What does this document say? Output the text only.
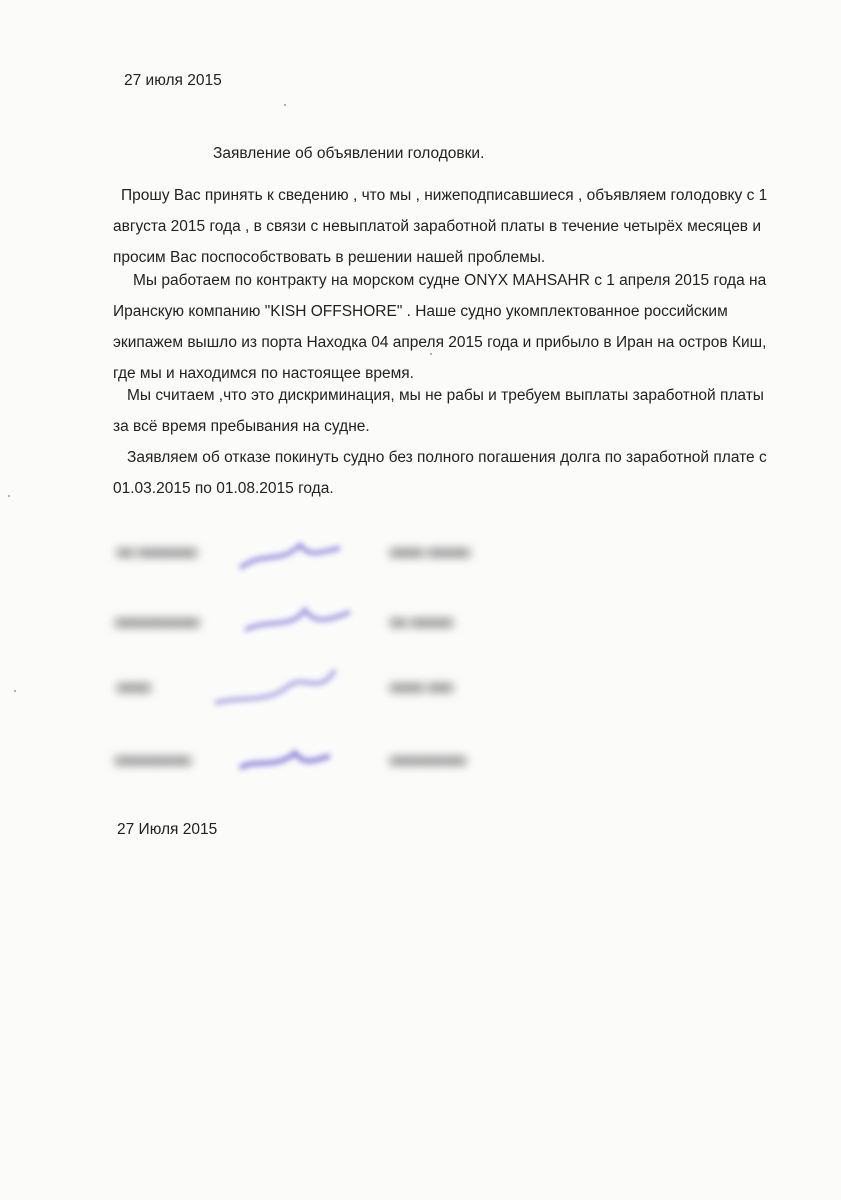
27 июля 2015
Заявление об объявлении голодовки.
Прошу Вас принять к сведению , что мы , нижеподписавшиеся , объявляем голодовку с 1
августа 2015 года , в связи с невыплатой заработной платы в течение четырёх месяцев и
просим Вас поспособствовать в решении нашей проблемы.
Мы работаем по контракту на морском судне ONYX MAHSAHR с 1 апреля 2015 года на
Иранскую компанию "KISH OFFSHORE" . Наше судно укомплектованное российским
экипажем вышло из порта Находка 04 апреля 2015 года и прибыло в Иран на остров Киш,
где мы и находимся по настоящее время.
Мы считаем ,что это дискриминация, мы не рабы и требуем выплаты заработной платы
за всё время пребывания на судне.
Заявляем об отказе покинуть судно без полного погашения долга по заработной плате с
01.03.2015 по 01.08.2015 года.
■■ ■■■■■■■	■■■■ ■■■■■
■■■■■■■■■■	■■ ■■■■■
■■■■	■■■■ ■■■
■■■■■■■■■	■■■■■■■■■
27 Июля 2015
